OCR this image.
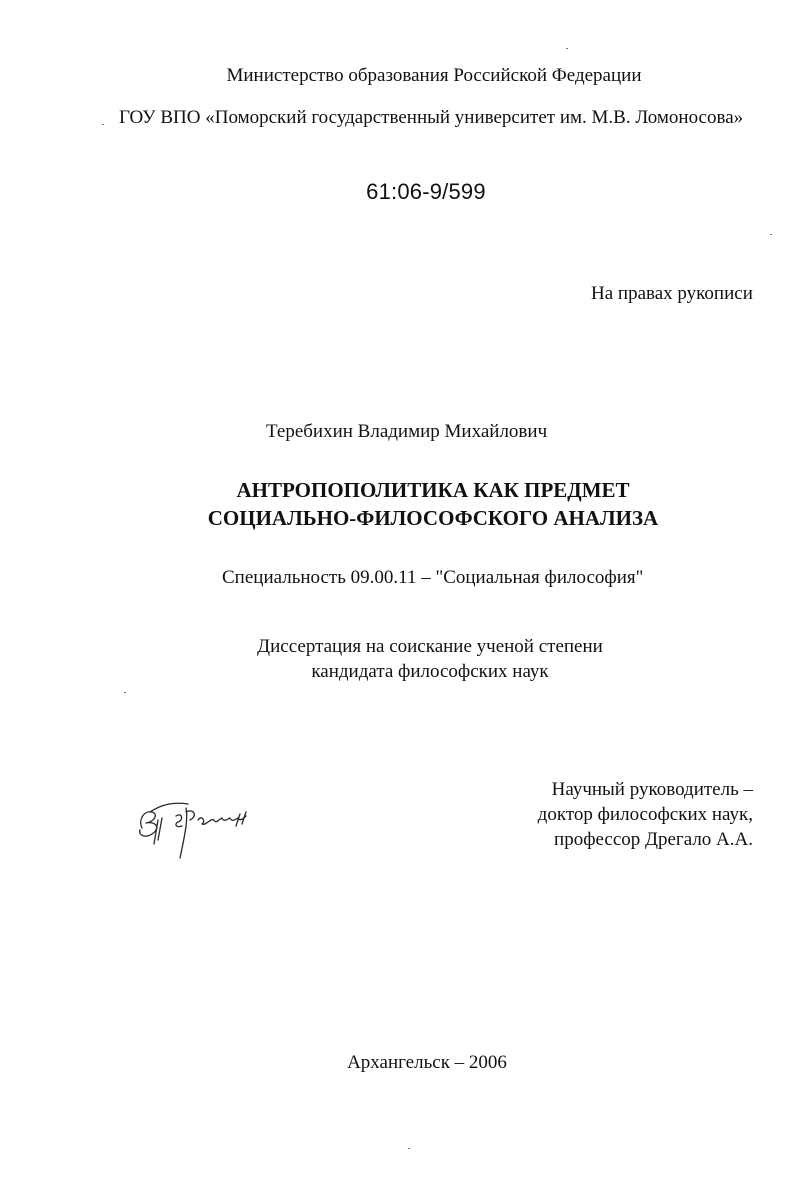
Министерство образования Российской Федерации
ГОУ ВПО «Поморский государственный университет им. М.В. Ломоносова»
61:06-9/599
На правах рукописи
Теребихин Владимир Михайлович
АНТРОПОПОЛИТИКА КАК ПРЕДМЕТ
СОЦИАЛЬНО-ФИЛОСОФСКОГО АНАЛИЗА
Специальность 09.00.11 – "Социальная философия"
Диссертация на соискание ученой степени
кандидата философских наук
Научный руководитель –
доктор философских наук,
профессор Дрегало А.А.
Архангельск – 2006
